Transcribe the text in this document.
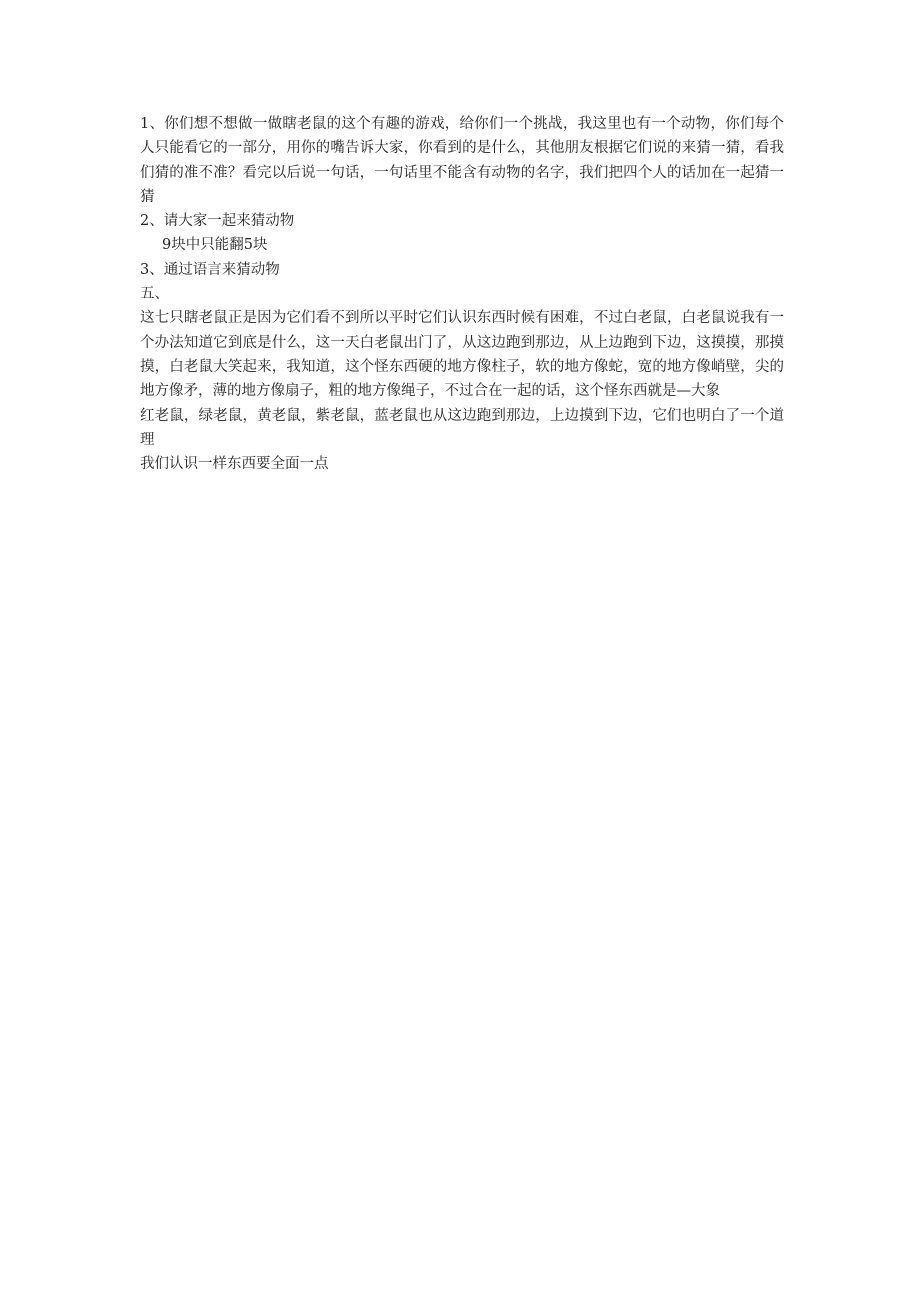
1、你们想不想做一做瞎老鼠的这个有趣的游戏，给你们一个挑战，我这里也有一个动物，你们每个人只能看它的一部分，用你的嘴告诉大家，你看到的是什么，其他朋友根据它们说的来猜一猜，看我们猜的准不准？看完以后说一句话，一句话里不能含有动物的名字，我们把四个人的话加在一起猜一猜

2、请大家一起来猜动物

9块中只能翻5块

3、通过语言来猜动物

五、

这七只瞎老鼠正是因为它们看不到所以平时它们认识东西时候有困难，不过白老鼠，白老鼠说我有一个办法知道它到底是什么，这一天白老鼠出门了，从这边跑到那边，从上边跑到下边，这摸摸，那摸摸，白老鼠大笑起来，我知道，这个怪东西硬的地方像柱子，软的地方像蛇，宽的地方像峭壁，尖的地方像矛，薄的地方像扇子，粗的地方像绳子，不过合在一起的话，这个怪东西就是—大象

红老鼠，绿老鼠，黄老鼠，紫老鼠，蓝老鼠也从这边跑到那边，上边摸到下边，它们也明白了一个道理

我们认识一样东西要全面一点
